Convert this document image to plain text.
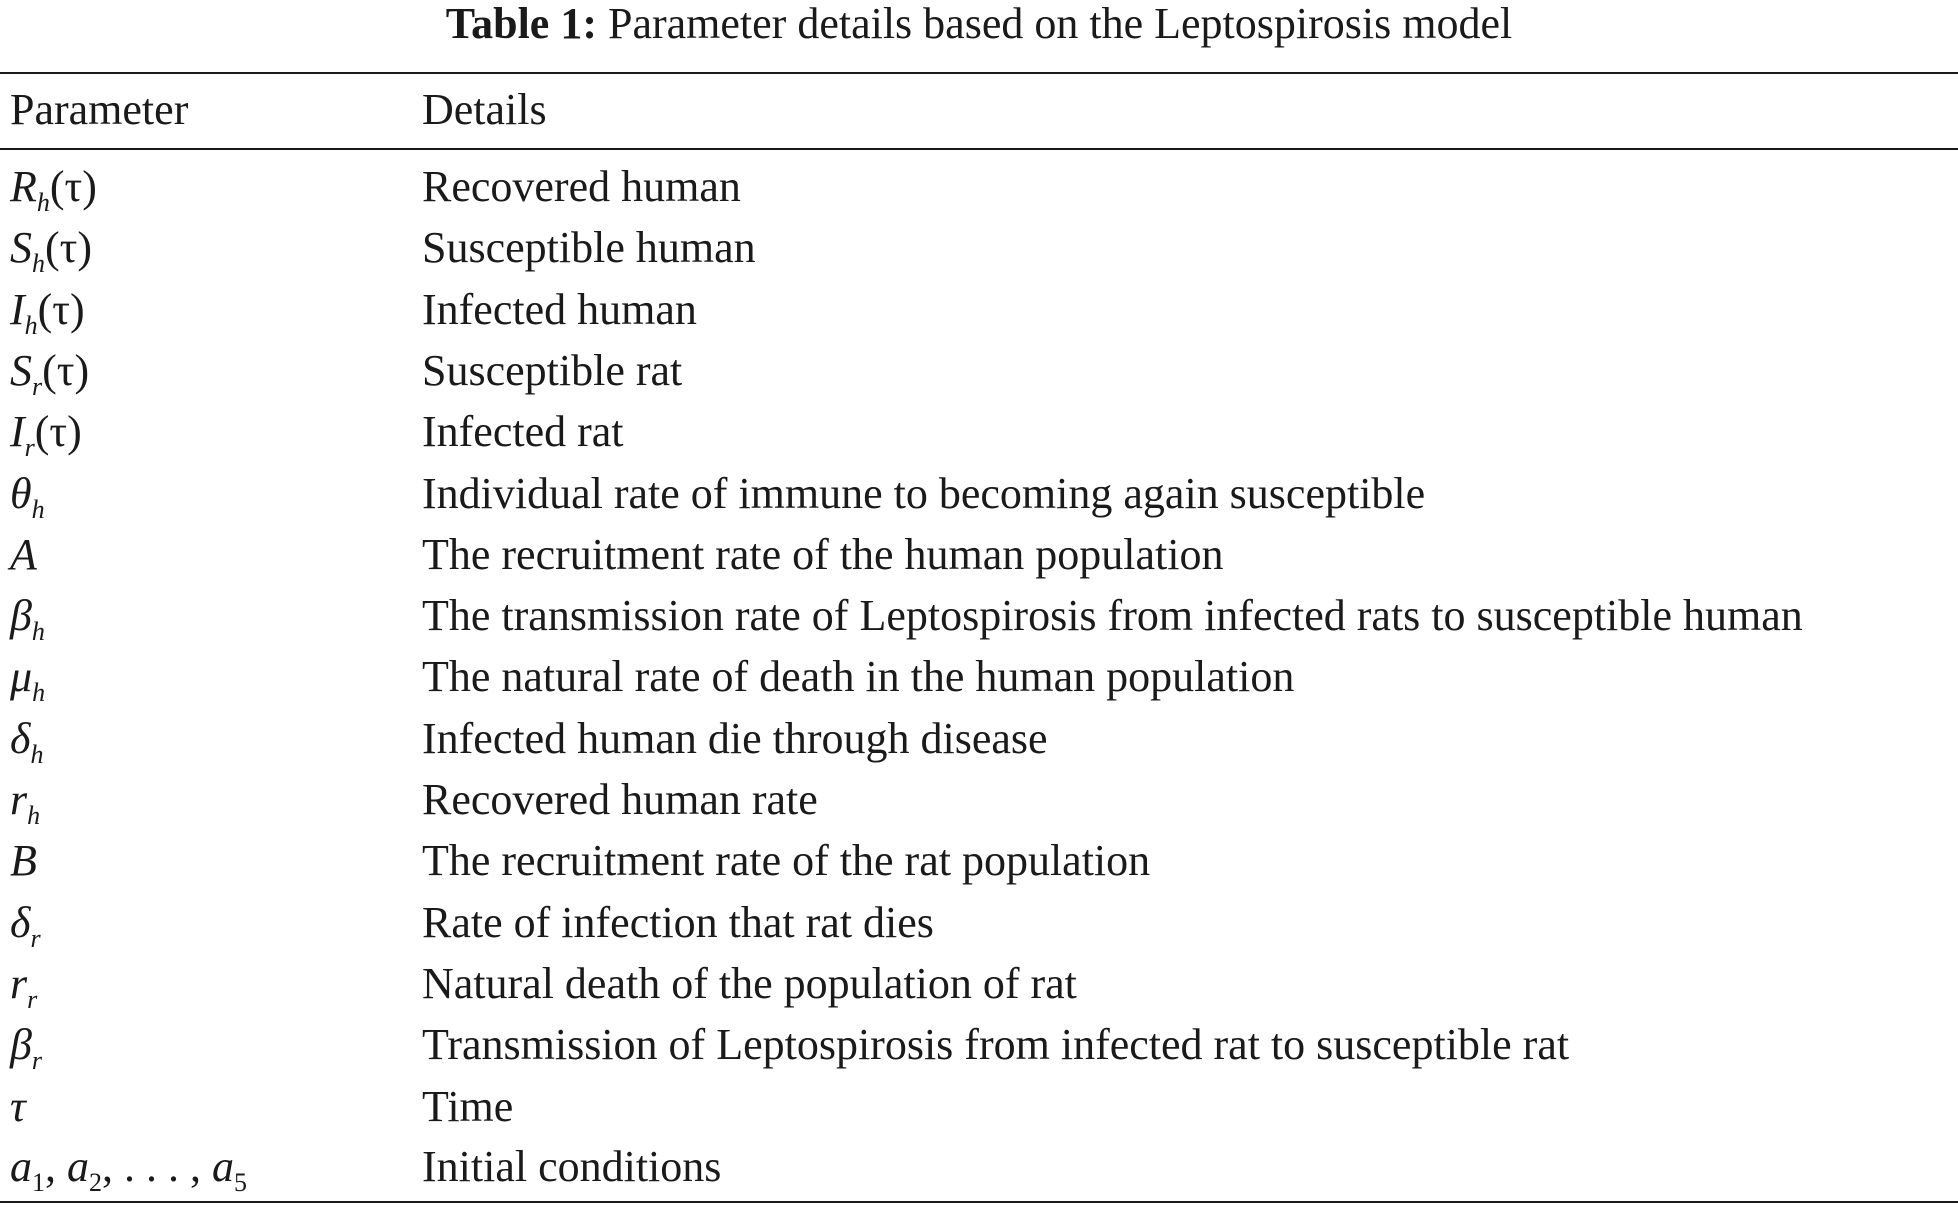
Table 1: Parameter details based on the Leptospirosis model
Parameter	Details
$R_h(\tau)$	Recovered human
$S_h(\tau)$	Susceptible human
$I_h(\tau)$	Infected human
$S_r(\tau)$	Susceptible rat
$I_r(\tau)$	Infected rat
$\theta_h$	Individual rate of immune to becoming again susceptible
A	The recruitment rate of the human population
$\beta_h$	The transmission rate of Leptospirosis from infected rats to susceptible human
$\mu_h$	The natural rate of death in the human population
$\delta_h$	Infected human die through disease
$r_h$	Recovered human rate
B	The recruitment rate of the rat population
$\delta_r$	Rate of infection that rat dies
$r_r$	Natural death of the population of rat
$\beta_r$	Transmission of Leptospirosis from infected rat to susceptible rat
τ	Time
$a_1$, $a_2$, . . . , $a_5$	Initial conditions
